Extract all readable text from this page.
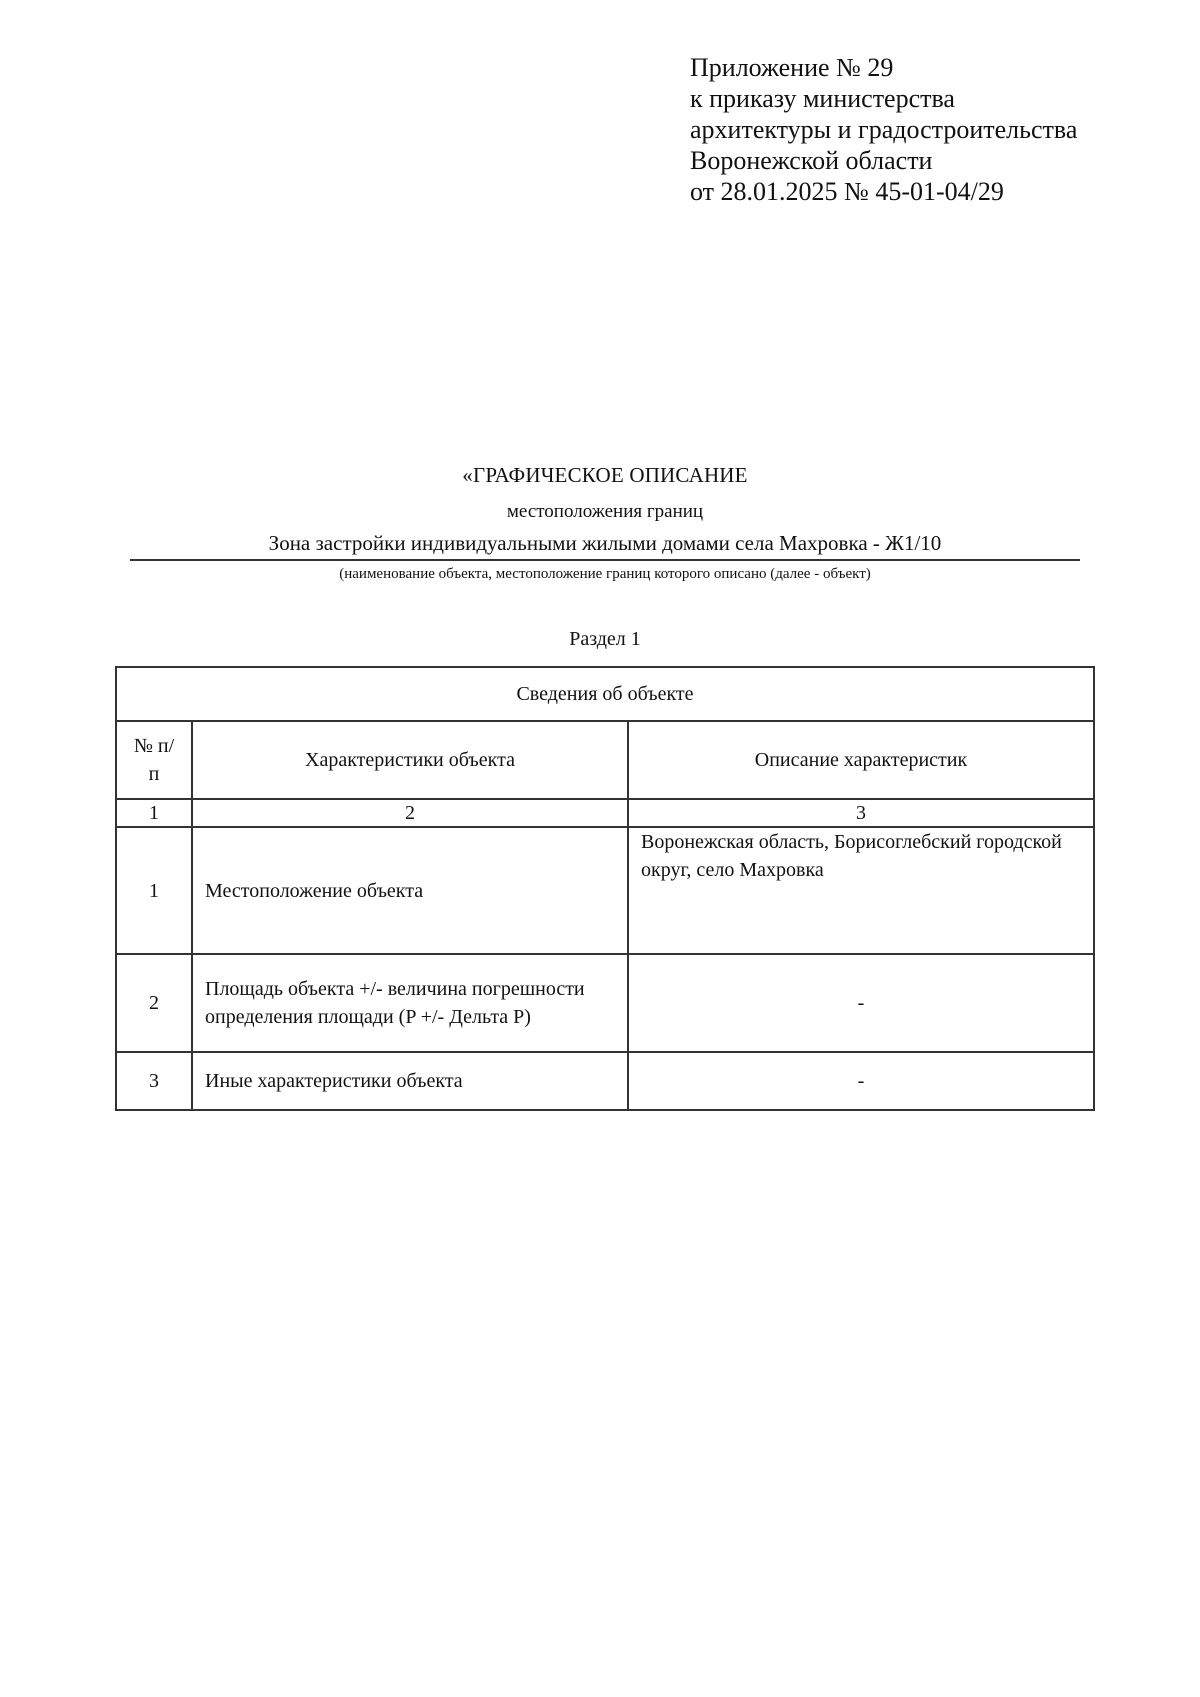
Приложение № 29
к приказу министерства
архитектуры и градостроительства
Воронежской области
от 28.01.2025 № 45-01-04/29
«ГРАФИЧЕСКОЕ ОПИСАНИЕ
местоположения границ
Зона застройки индивидуальными жилыми домами села Махровка - Ж1/10
(наименование объекта, местоположение границ которого описано (далее - объект)
Раздел 1
Сведения об объекте		
№ п/п	Характеристики объекта	Описание характеристик
1	2	3
1	Местоположение объекта	Воронежская область, Борисоглебский городской округ, село Махровка
2	Площадь объекта +/- величина погрешности определения площади (P +/- Дельта P)	-
3	Иные характеристики объекта	-
